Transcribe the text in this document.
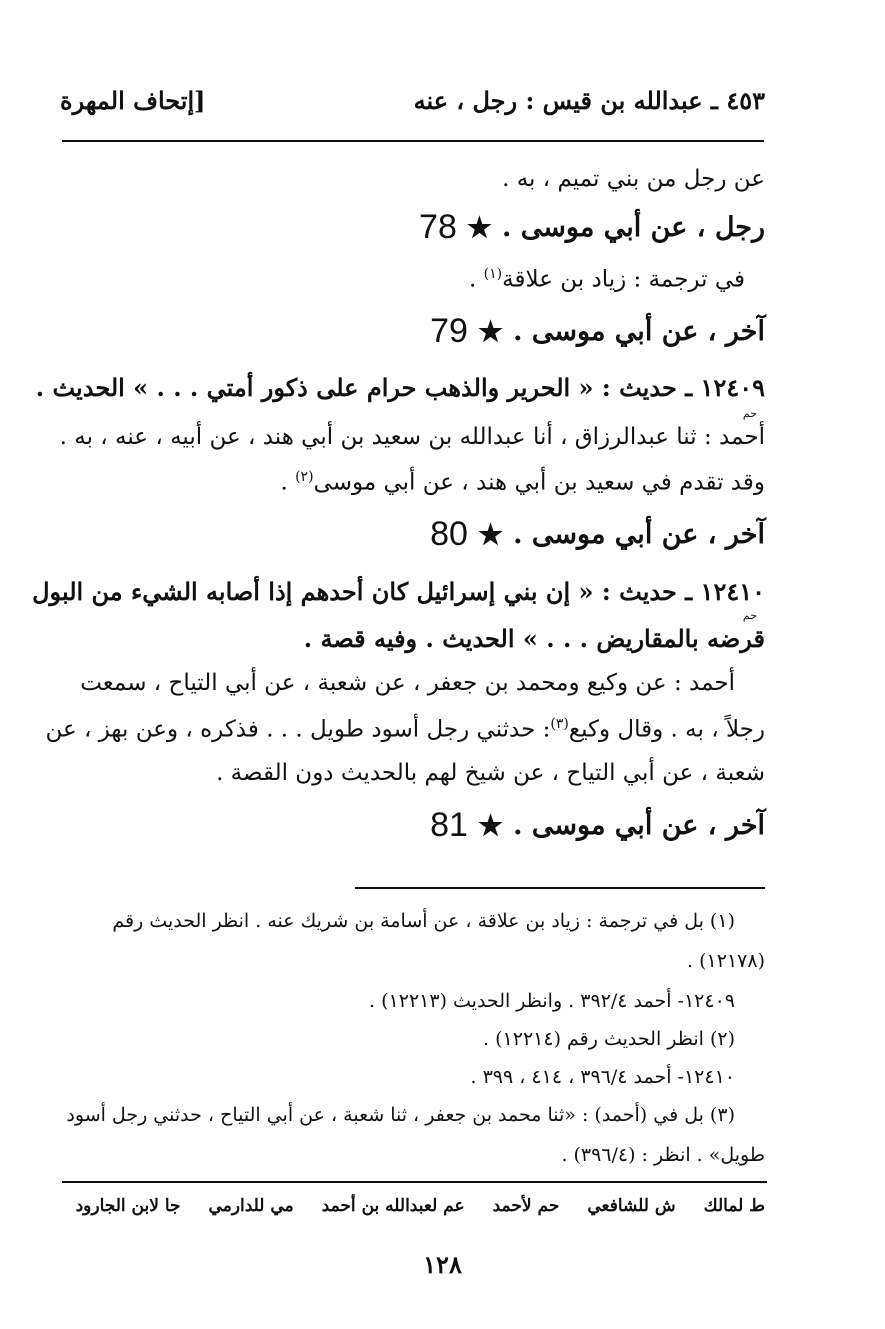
٤٥٣ ـ عبدالله بن قيس : رجل ، عنه
[إتحاف المهرة
عن رجل من بني تميم ، به .
78 ★ رجل ، عن أبي موسى .
في ترجمة : زياد بن علاقة$^{(١)}$ .
79 ★ آخر ، عن أبي موسى .
١٢٤٠٩ ـ حديث : « الحرير والذهب حرام على ذكور أمتي . . . » الحديث .
حم
أحمد : ثنا عبدالرزاق ، أنا عبدالله بن سعيد بن أبي هند ، عن أبيه ، عنه ، به .
وقد تقدم في سعيد بن أبي هند ، عن أبي موسى$^{(٢)}$ .
80 ★ آخر ، عن أبي موسى .
١٢٤١٠ ـ حديث : « إن بني إسرائيل كان أحدهم إذا أصابه الشيء من البول
حم
قرضه بالمقاريض . . . » الحديث . وفيه قصة .
أحمد : عن وكيع ومحمد بن جعفر ، عن شعبة ، عن أبي التياح ، سمعت
رجلاً ، به . وقال وكيع$^{(٣)}$: حدثني رجل أسود طويل . . . فذكره ، وعن بهز ، عن
شعبة ، عن أبي التياح ، عن شيخ لهم بالحديث دون القصة .
81 ★ آخر ، عن أبي موسى .
(١) بل في ترجمة : زياد بن علاقة ، عن أسامة بن شريك عنه . انظر الحديث رقم
(١٢١٧٨) .
١٢٤٠٩- أحمد ٣٩٢/٤ . وانظر الحديث (١٢٢١٣) .
(٢) انظر الحديث رقم (١٢٢١٤) .
١٢٤١٠- أحمد ٣٩٦/٤ ، ٤١٤ ، ٣٩٩ .
(٣) بل في (أحمد) : «ثنا محمد بن جعفر ، ثنا شعبة ، عن أبي التياح ، حدثني رجل أسود
طويل» . انظر : (٣٩٦/٤) .
ط لمالك
ش للشافعي
حم لأحمد
عم لعبدالله بن أحمد
مي للدارمي
جا لابن الجارود
١٢٨
